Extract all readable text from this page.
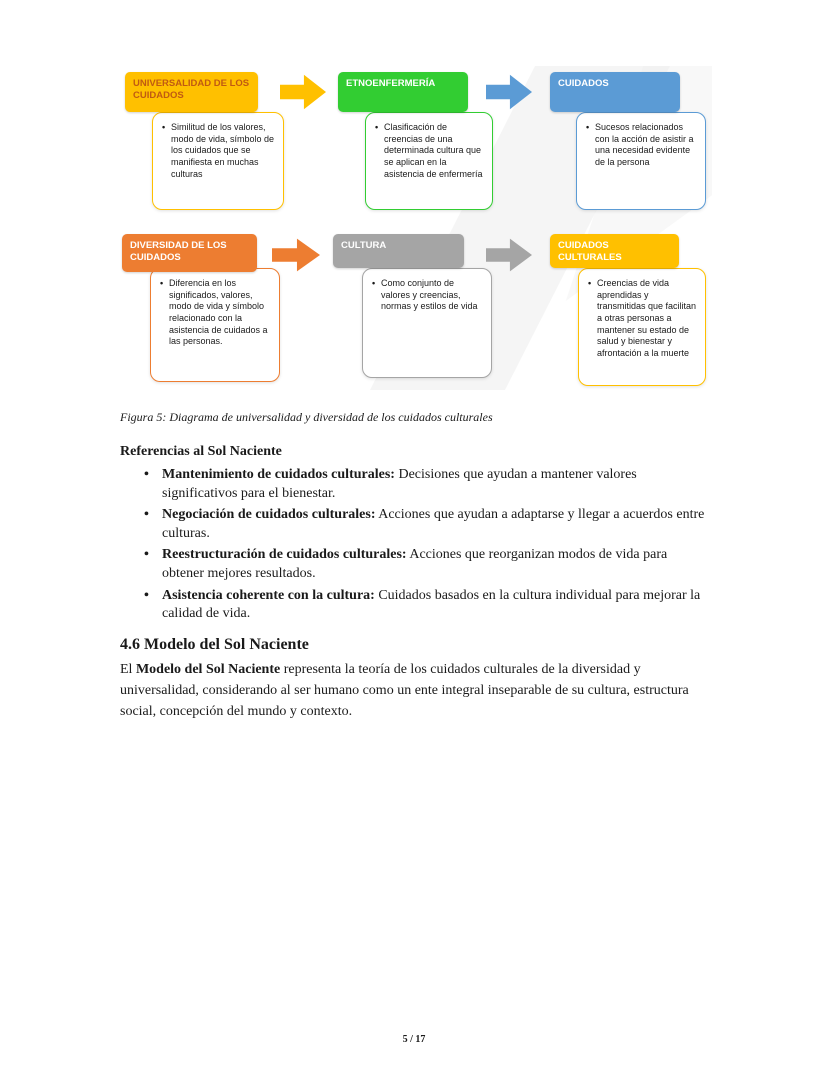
UNIVERSALIDAD DE LOS CUIDADOS
• Similitud de los valores, modo de vida, símbolo de los cuidados que se manifiesta en muchas culturas
ETNOENFERMERÍA
• Clasificación de creencias de una determinada cultura que se aplican en la asistencia de enfermería
CUIDADOS
• Sucesos relacionados con la acción de asistir a una necesidad evidente de la persona
DIVERSIDAD DE LOS CUIDADOS
• Diferencia en los significados, valores, modo de vida y símbolo relacionado con la asistencia de cuidados a las personas.
CULTURA
• Como conjunto de valores y creencias, normas y estilos de vida
CUIDADOS CULTURALES
• Creencias de vida aprendidas y transmitidas que facilitan a otras personas a mantener su estado de salud y bienestar y afrontación a la muerte
Figura 5: Diagrama de universalidad y diversidad de los cuidados culturales
Referencias al Sol Naciente
• Mantenimiento de cuidados culturales: Decisiones que ayudan a mantener valores significativos para el bienestar.
• Negociación de cuidados culturales: Acciones que ayudan a adaptarse y llegar a acuerdos entre culturas.
• Reestructuración de cuidados culturales: Acciones que reorganizan modos de vida para obtener mejores resultados.
• Asistencia coherente con la cultura: Cuidados basados en la cultura individual para mejorar la calidad de vida.
4.6 Modelo del Sol Naciente

El Modelo del Sol Naciente representa la teoría de los cuidados culturales de la diversidad y universalidad, considerando al ser humano como un ente integral inseparable de su cultura, estructura social, concepción del mundo y contexto.

5 / 17
